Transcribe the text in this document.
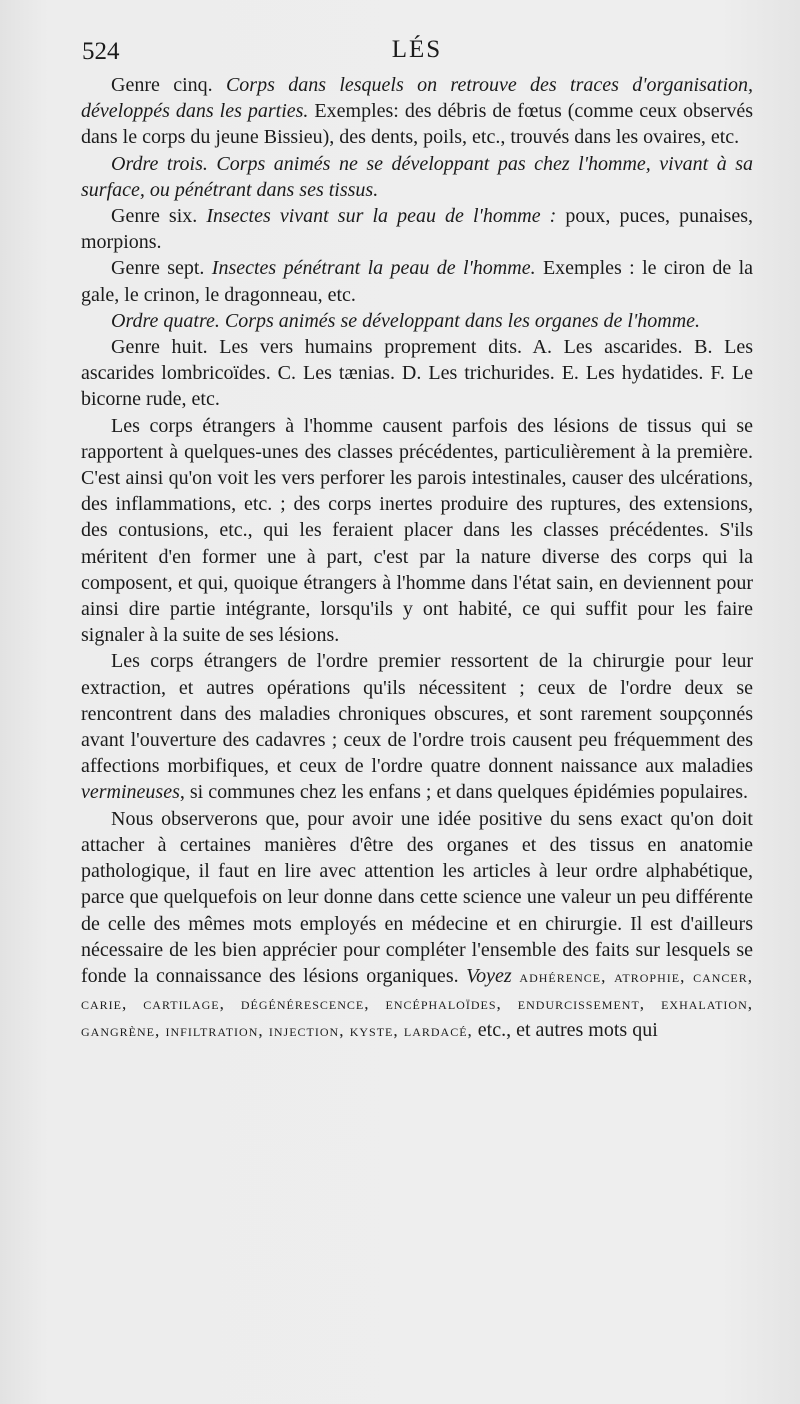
524	LÉS

Genre cinq. Corps dans lesquels on retrouve des traces d'organisation, développés dans les parties. Exemples: des débris de fœtus (comme ceux observés dans le corps du jeune Bissieu), des dents, poils, etc., trouvés dans les ovaires, etc.

Ordre trois. Corps animés ne se développant pas chez l'homme, vivant à sa surface, ou pénétrant dans ses tissus.

Genre six. Insectes vivant sur la peau de l'homme : poux, puces, punaises, morpions.

Genre sept. Insectes pénétrant la peau de l'homme. Exemples : le ciron de la gale, le crinon, le dragonneau, etc.

Ordre quatre. Corps animés se développant dans les organes de l'homme.

Genre huit. Les vers humains proprement dits. A. Les ascarides. B. Les ascarides lombricoïdes. C. Les tænias. D. Les trichurides. E. Les hydatides. F. Le bicorne rude, etc.

Les corps étrangers à l'homme causent parfois des lésions de tissus qui se rapportent à quelques-unes des classes précédentes, particulièrement à la première. C'est ainsi qu'on voit les vers perforer les parois intestinales, causer des ulcérations, des inflammations, etc. ; des corps inertes produire des ruptures, des extensions, des contusions, etc., qui les feraient placer dans les classes précédentes. S'ils méritent d'en former une à part, c'est par la nature diverse des corps qui la composent, et qui, quoique étrangers à l'homme dans l'état sain, en deviennent pour ainsi dire partie intégrante, lorsqu'ils y ont habité, ce qui suffit pour les faire signaler à la suite de ses lésions.

Les corps étrangers de l'ordre premier ressortent de la chirurgie pour leur extraction, et autres opérations qu'ils nécessitent ; ceux de l'ordre deux se rencontrent dans des maladies chroniques obscures, et sont rarement soupçonnés avant l'ouverture des cadavres ; ceux de l'ordre trois causent peu fréquemment des affections morbifiques, et ceux de l'ordre quatre donnent naissance aux maladies vermineuses, si communes chez les enfans ; et dans quelques épidémies populaires.

Nous observerons que, pour avoir une idée positive du sens exact qu'on doit attacher à certaines manières d'être des organes et des tissus en anatomie pathologique, il faut en lire avec attention les articles à leur ordre alphabétique, parce que quelquefois on leur donne dans cette science une valeur un peu différente de celle des mêmes mots employés en médecine et en chirurgie. Il est d'ailleurs nécessaire de les bien apprécier pour compléter l'ensemble des faits sur lesquels se fonde la connaissance des lésions organiques. Voyez adhérence, atrophie, cancer, carie, cartilage, dégénérescence, encéphaloïdes, endurcissement, exhalation, gangrène, infiltration, injection, kyste, lardacé, etc., et autres mots qui
